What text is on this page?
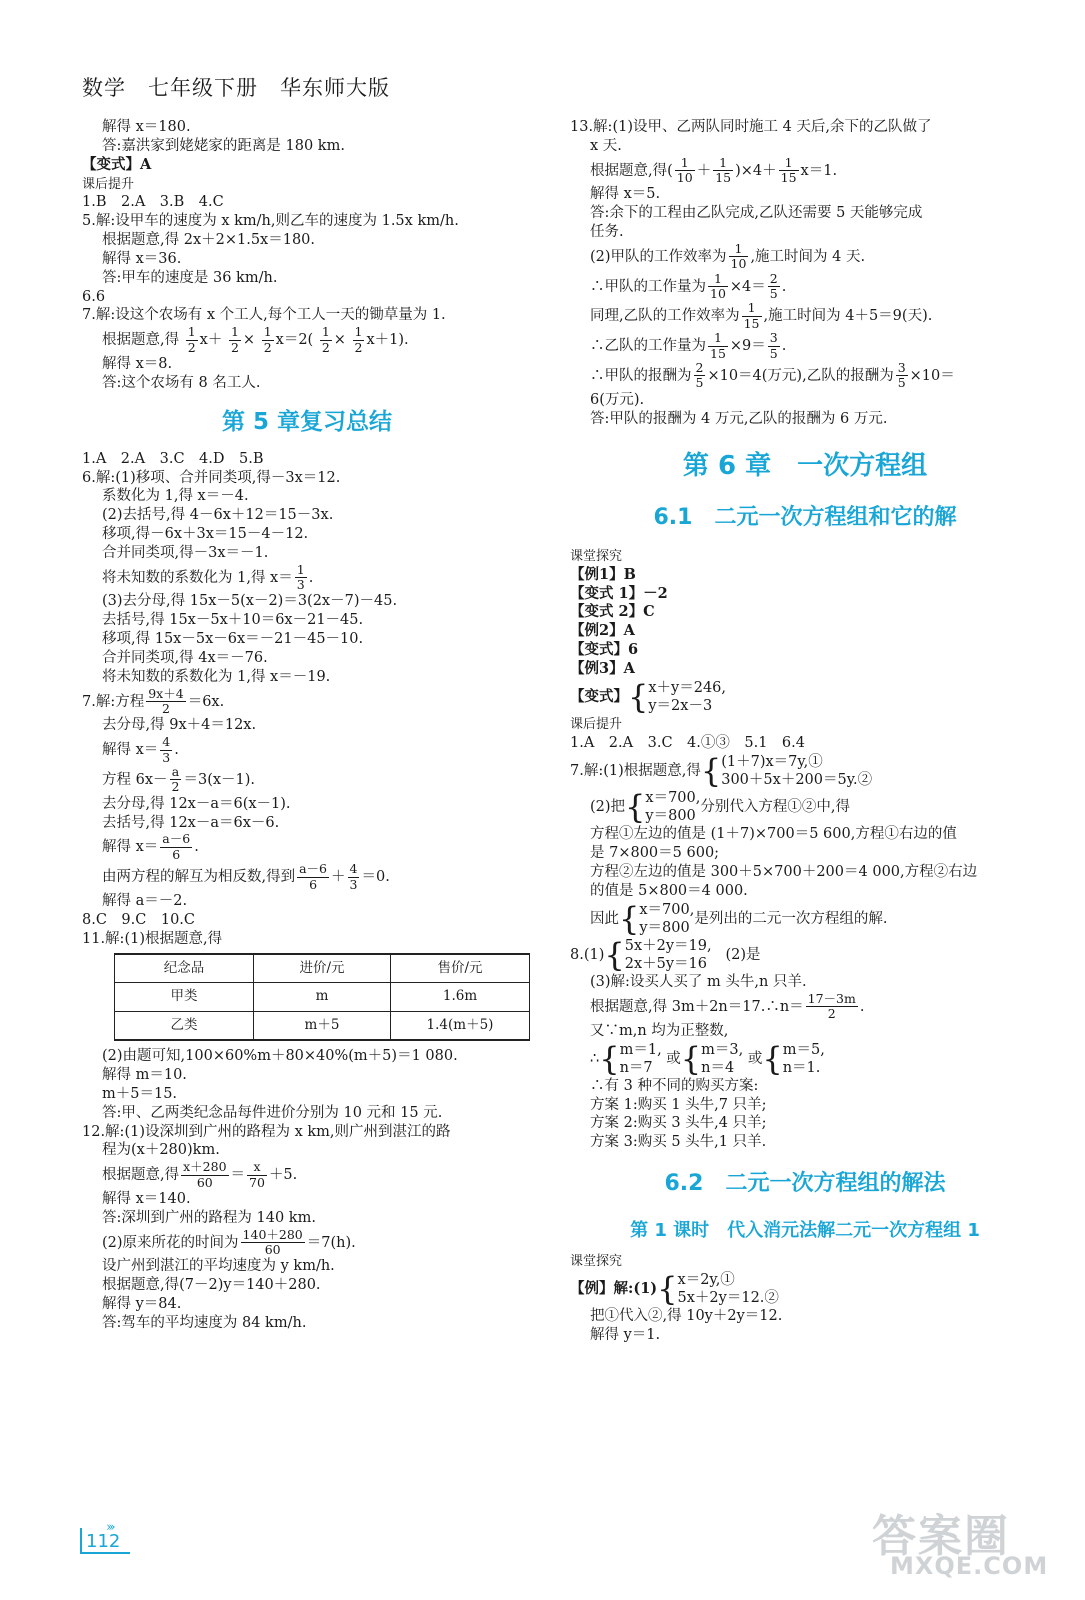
数学　七年级下册　华东师大版
解得 x＝180.
答:嘉洪家到姥姥家的距离是 180 km.
【变式】A
课后提升
1.B　2.A　3.B　4.C
5.解:设甲车的速度为 x km/h,则乙车的速度为 1.5x km/h.
根据题意,得 2x＋2×1.5x＝180.
解得 x＝36.
答:甲车的速度是 36 km/h.
6.6
7.解:设这个农场有 x 个工人,每个工人一天的锄草量为 1.
根据题意,得 $\frac{1}{2} x+ \frac{1}{2} \times \frac{1}{2} x=2( \frac{1}{2} \times \frac{1}{2} x+1)$.
解得 x＝8.
答:这个农场有 8 名工人.
第 5 章复习总结
1.A　2.A　3.C　4.D　5.B
6.解:(1)移项、合并同类项,得－3x＝12.
系数化为 1,得 x＝－4.
(2)去括号,得 4－6x＋12＝15－3x.
移项,得－6x＋3x＝15－4－12.
合并同类项,得－3x＝－1.
将未知数的系数化为 1,得 $x= \frac{1}{3}$ .
(3)去分母,得 15x－5(x－2)＝3(2x－7)－45.
去括号,得 15x－5x＋10＝6x－21－45.
移项,得 15x－5x－6x＝－21－45－10.
合并同类项,得 4x＝－76.
将未知数的系数化为 1,得 x＝－19.
7.解:方程 $\frac{9x+4}{2} =6x$.
去分母,得 9x＋4＝12x.
解得 $x= \frac{4}{3}$ .
方程 $6x- \frac{a}{2} =3(x-1)$.
去分母,得 12x－a＝6(x－1).
去括号,得 12x－a＝6x－6.
解得 $x= \frac{a-6}{6}$ .
由两方程的解互为相反数,得到 $\frac{a-6}{6} + \frac{4}{3} =0$.
解得 a＝－2.
8.C　9.C　10.C
11.解:(1)根据题意,得
纪念品	进价/元	售价/元
甲类	m	1.6m
乙类	m＋5	1.4(m＋5)
(2)由题可知,100×60%m＋80×40%(m＋5)＝1 080.
解得 m＝10.
m＋5＝15.
答:甲、乙两类纪念品每件进价分别为 10 元和 15 元.
12.解:(1)设深圳到广州的路程为 x km,则广州到湛江的路
程为(x＋280)km.
根据题意,得 $\frac{x+280}{60} = \frac{x}{70} +5$.
解得 x＝140.
答:深圳到广州的路程为 140 km.
(2)原来所花的时间为 $\frac{140+280}{60} =7(h)$.
设广州到湛江的平均速度为 y km/h.
根据题意,得(7－2)y＝140＋280.
解得 y＝84.
答:驾车的平均速度为 84 km/h.
13.解:(1)设甲、乙两队同时施工 4 天后,余下的乙队做了
x 天.
根据题意,得( $\frac{1}{10} + \frac{1}{15} )\times 4+ \frac{1}{15} x=1$.
解得 x＝5.
答:余下的工程由乙队完成,乙队还需要 5 天能够完成
任务.
(2)甲队的工作效率为 $\frac{1}{10}$ ,施工时间为 4 天.
∴甲队的工作量为 $\frac{1}{10} \times 4= \frac{2}{5}$ .
同理,乙队的工作效率为 $\frac{1}{15}$ ,施工时间为 4＋5＝9(天).
∴乙队的工作量为 $\frac{1}{15} \times 9= \frac{3}{5}$ .
∴甲队的报酬为 $\frac{2}{5} \times 10=4$(万元),乙队的报酬为 $\frac{3}{5} \times 10=$
6(万元).
答:甲队的报酬为 4 万元,乙队的报酬为 6 万元.
第 6 章　一次方程组
6.1　二元一次方程组和它的解
课堂探究
【例1】B
【变式 1】－2
【变式 2】C
【例2】A
【变式】6
【例3】A
【变式】{ x＋y＝246,
y＝2x－3
课后提升
1.A　2.A　3.C　4.①③　5.1　6.4
7.解:(1)根据题意,得{ (1＋7)x＝7y,①
300＋5x＋200＝5y.②
(2)把{ x＝700,
y＝800
分别代入方程①②中,得
方程①左边的值是 (1＋7)×700＝5 600,方程①右边的值
是 7×800＝5 600;
方程②左边的值是 300＋5×700＋200＝4 000,方程②右边
的值是 5×800＝4 000.
因此{ x＝700,
y＝800
是列出的二元一次方程组的解.
8.(1){ 5x＋2y＝19,
2x＋5y＝16
(2)是
(3)解:设买人买了 m 头牛,n 只羊.
根据题意,得 3m＋2n＝17.∴n＝ $\frac{17-3m}{2}$ .
又∵m,n 均为正整数,
∴{ m＝1,
n＝7
或{ m＝3,
n＝4
或{ m＝5,
n＝1.
∴有 3 种不同的购买方案:
方案 1:购买 1 头牛,7 只羊;
方案 2:购买 3 头牛,4 只羊;
方案 3:购买 5 头牛,1 只羊.
6.2　二元一次方程组的解法
第 1 课时　代入消元法解二元一次方程组 1
课堂探究
【例】解:(1){ x＝2y,①
5x＋2y＝12.②
把①代入②,得 10y＋2y＝12.
解得 y＝1.
›››
112	答案圈
MXQE.COM
